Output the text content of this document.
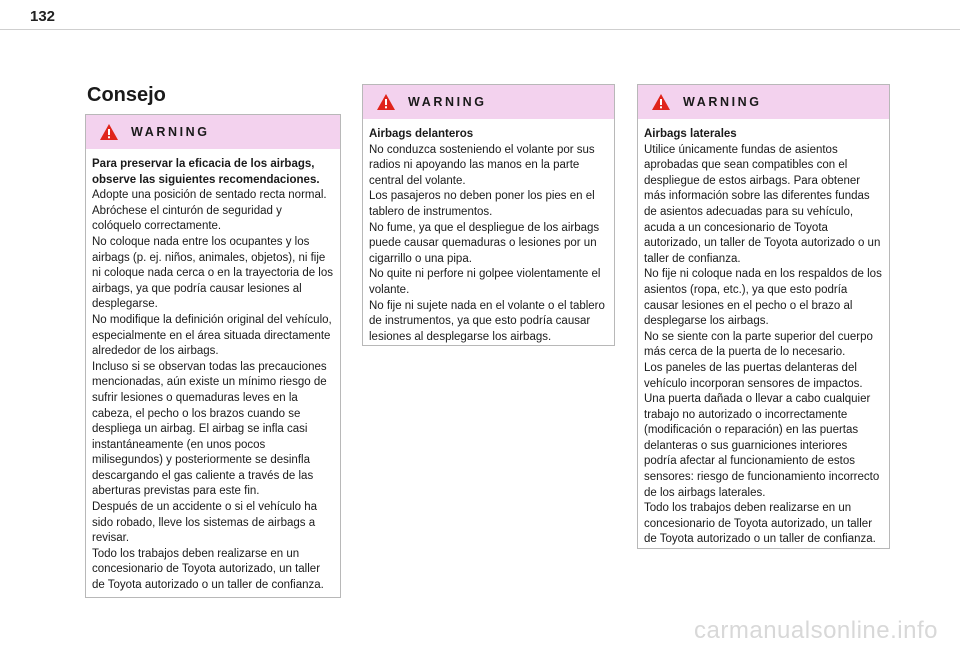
132
Consejo
WARNING

Para preservar la eficacia de los airbags, observe las siguientes recomendaciones.

Adopte una posición de sentado recta normal.

Abróchese el cinturón de seguridad y colóquelo correctamente.

No coloque nada entre los ocupantes y los airbags (p. ej. niños, animales, objetos), ni fije ni coloque nada cerca o en la trayectoria de los airbags, ya que podría causar lesiones al desplegarse.

No modifique la definición original del vehículo, especialmente en el área situada directamente alrededor de los airbags.

Incluso si se observan todas las precauciones mencionadas, aún existe un mínimo riesgo de sufrir lesiones o quemaduras leves en la cabeza, el pecho o los brazos cuando se despliega un airbag. El airbag se infla casi instantáneamente (en unos pocos milisegundos) y posteriormente se desinfla descargando el gas caliente a través de las aberturas previstas para este fin.

Después de un accidente o si el vehículo ha sido robado, lleve los sistemas de airbags a revisar.

Todo los trabajos deben realizarse en un concesionario de Toyota autorizado, un taller de Toyota autorizado o un taller de confianza.

WARNING

Airbags delanteros

No conduzca sosteniendo el volante por sus radios ni apoyando las manos en la parte central del volante.

Los pasajeros no deben poner los pies en el tablero de instrumentos.

No fume, ya que el despliegue de los airbags puede causar quemaduras o lesiones por un cigarrillo o una pipa.

No quite ni perfore ni golpee violentamente el volante.

No fije ni sujete nada en el volante o el tablero de instrumentos, ya que esto podría causar lesiones al desplegarse los airbags.

WARNING

Airbags laterales

Utilice únicamente fundas de asientos aprobadas que sean compatibles con el despliegue de estos airbags. Para obtener más información sobre las diferentes fundas de asientos adecuadas para su vehículo, acuda a un concesionario de Toyota autorizado, un taller de Toyota autorizado o un taller de confianza.

No fije ni coloque nada en los respaldos de los asientos (ropa, etc.), ya que esto podría causar lesiones en el pecho o el brazo al desplegarse los airbags.

No se siente con la parte superior del cuerpo más cerca de la puerta de lo necesario.

Los paneles de las puertas delanteras del vehículo incorporan sensores de impactos. Una puerta dañada o llevar a cabo cualquier trabajo no autorizado o incorrectamente (modificación o reparación) en las puertas delanteras o sus guarniciones interiores podría afectar al funcionamiento de estos sensores: riesgo de funcionamiento incorrecto de los airbags laterales.

Todo los trabajos deben realizarse en un concesionario de Toyota autorizado, un taller de Toyota autorizado o un taller de confianza.

carmanualsonline.info
